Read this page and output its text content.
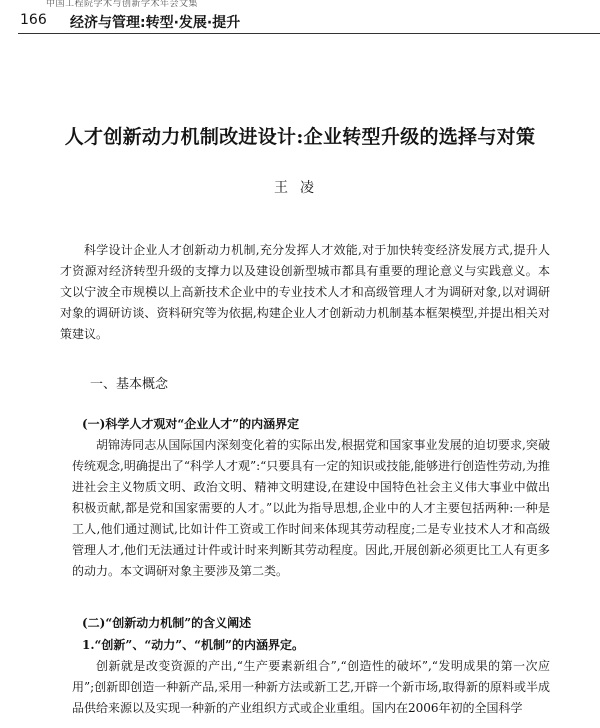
中国工程院学术与创新学术年会文集
166 经济与管理:转型·发展·提升
人才创新动力机制改进设计:企业转型升级的选择与对策
王凌
科学设计企业人才创新动力机制,充分发挥人才效能,对于加快转变经济发展方式,提升人才资源对经济转型升级的支撑力以及建设创新型城市都具有重要的理论意义与实践意义。本文以宁波全市规模以上高新技术企业中的专业技术人才和高级管理人才为调研对象,以对调研对象的调研访谈、资料研究等为依据,构建企业人才创新动力机制基本框架模型,并提出相关对策建议。
一、基本概念
(一)科学人才观对“企业人才”的内涵界定
胡锦涛同志从国际国内深刻变化着的实际出发,根据党和国家事业发展的迫切要求,突破传统观念,明确提出了“科学人才观”:“只要具有一定的知识或技能,能够进行创造性劳动,为推进社会主义物质文明、政治文明、精神文明建设,在建设中国特色社会主义伟大事业中做出积极贡献,都是党和国家需要的人才。”以此为指导思想,企业中的人才主要包括两种:一种是工人,他们通过测试,比如计件工资或工作时间来体现其劳动程度;二是专业技术人才和高级管理人才,他们无法通过计件或计时来判断其劳动程度。因此,开展创新必须更比工人有更多的动力。本文调研对象主要涉及第二类。
(二)“创新动力机制”的含义阐述
1.“创新”、“动力”、“机制”的内涵界定。
创新就是改变资源的产出,“生产要素新组合”,“创造性的破坏”,“发明成果的第一次应用”;创新即创造一种新产品,采用一种新方法或新工艺,开辟一个新市场,取得新的原料或半成品供给来源以及实现一种新的产业组织方式或企业重组。国内在2006年初的全国科学
